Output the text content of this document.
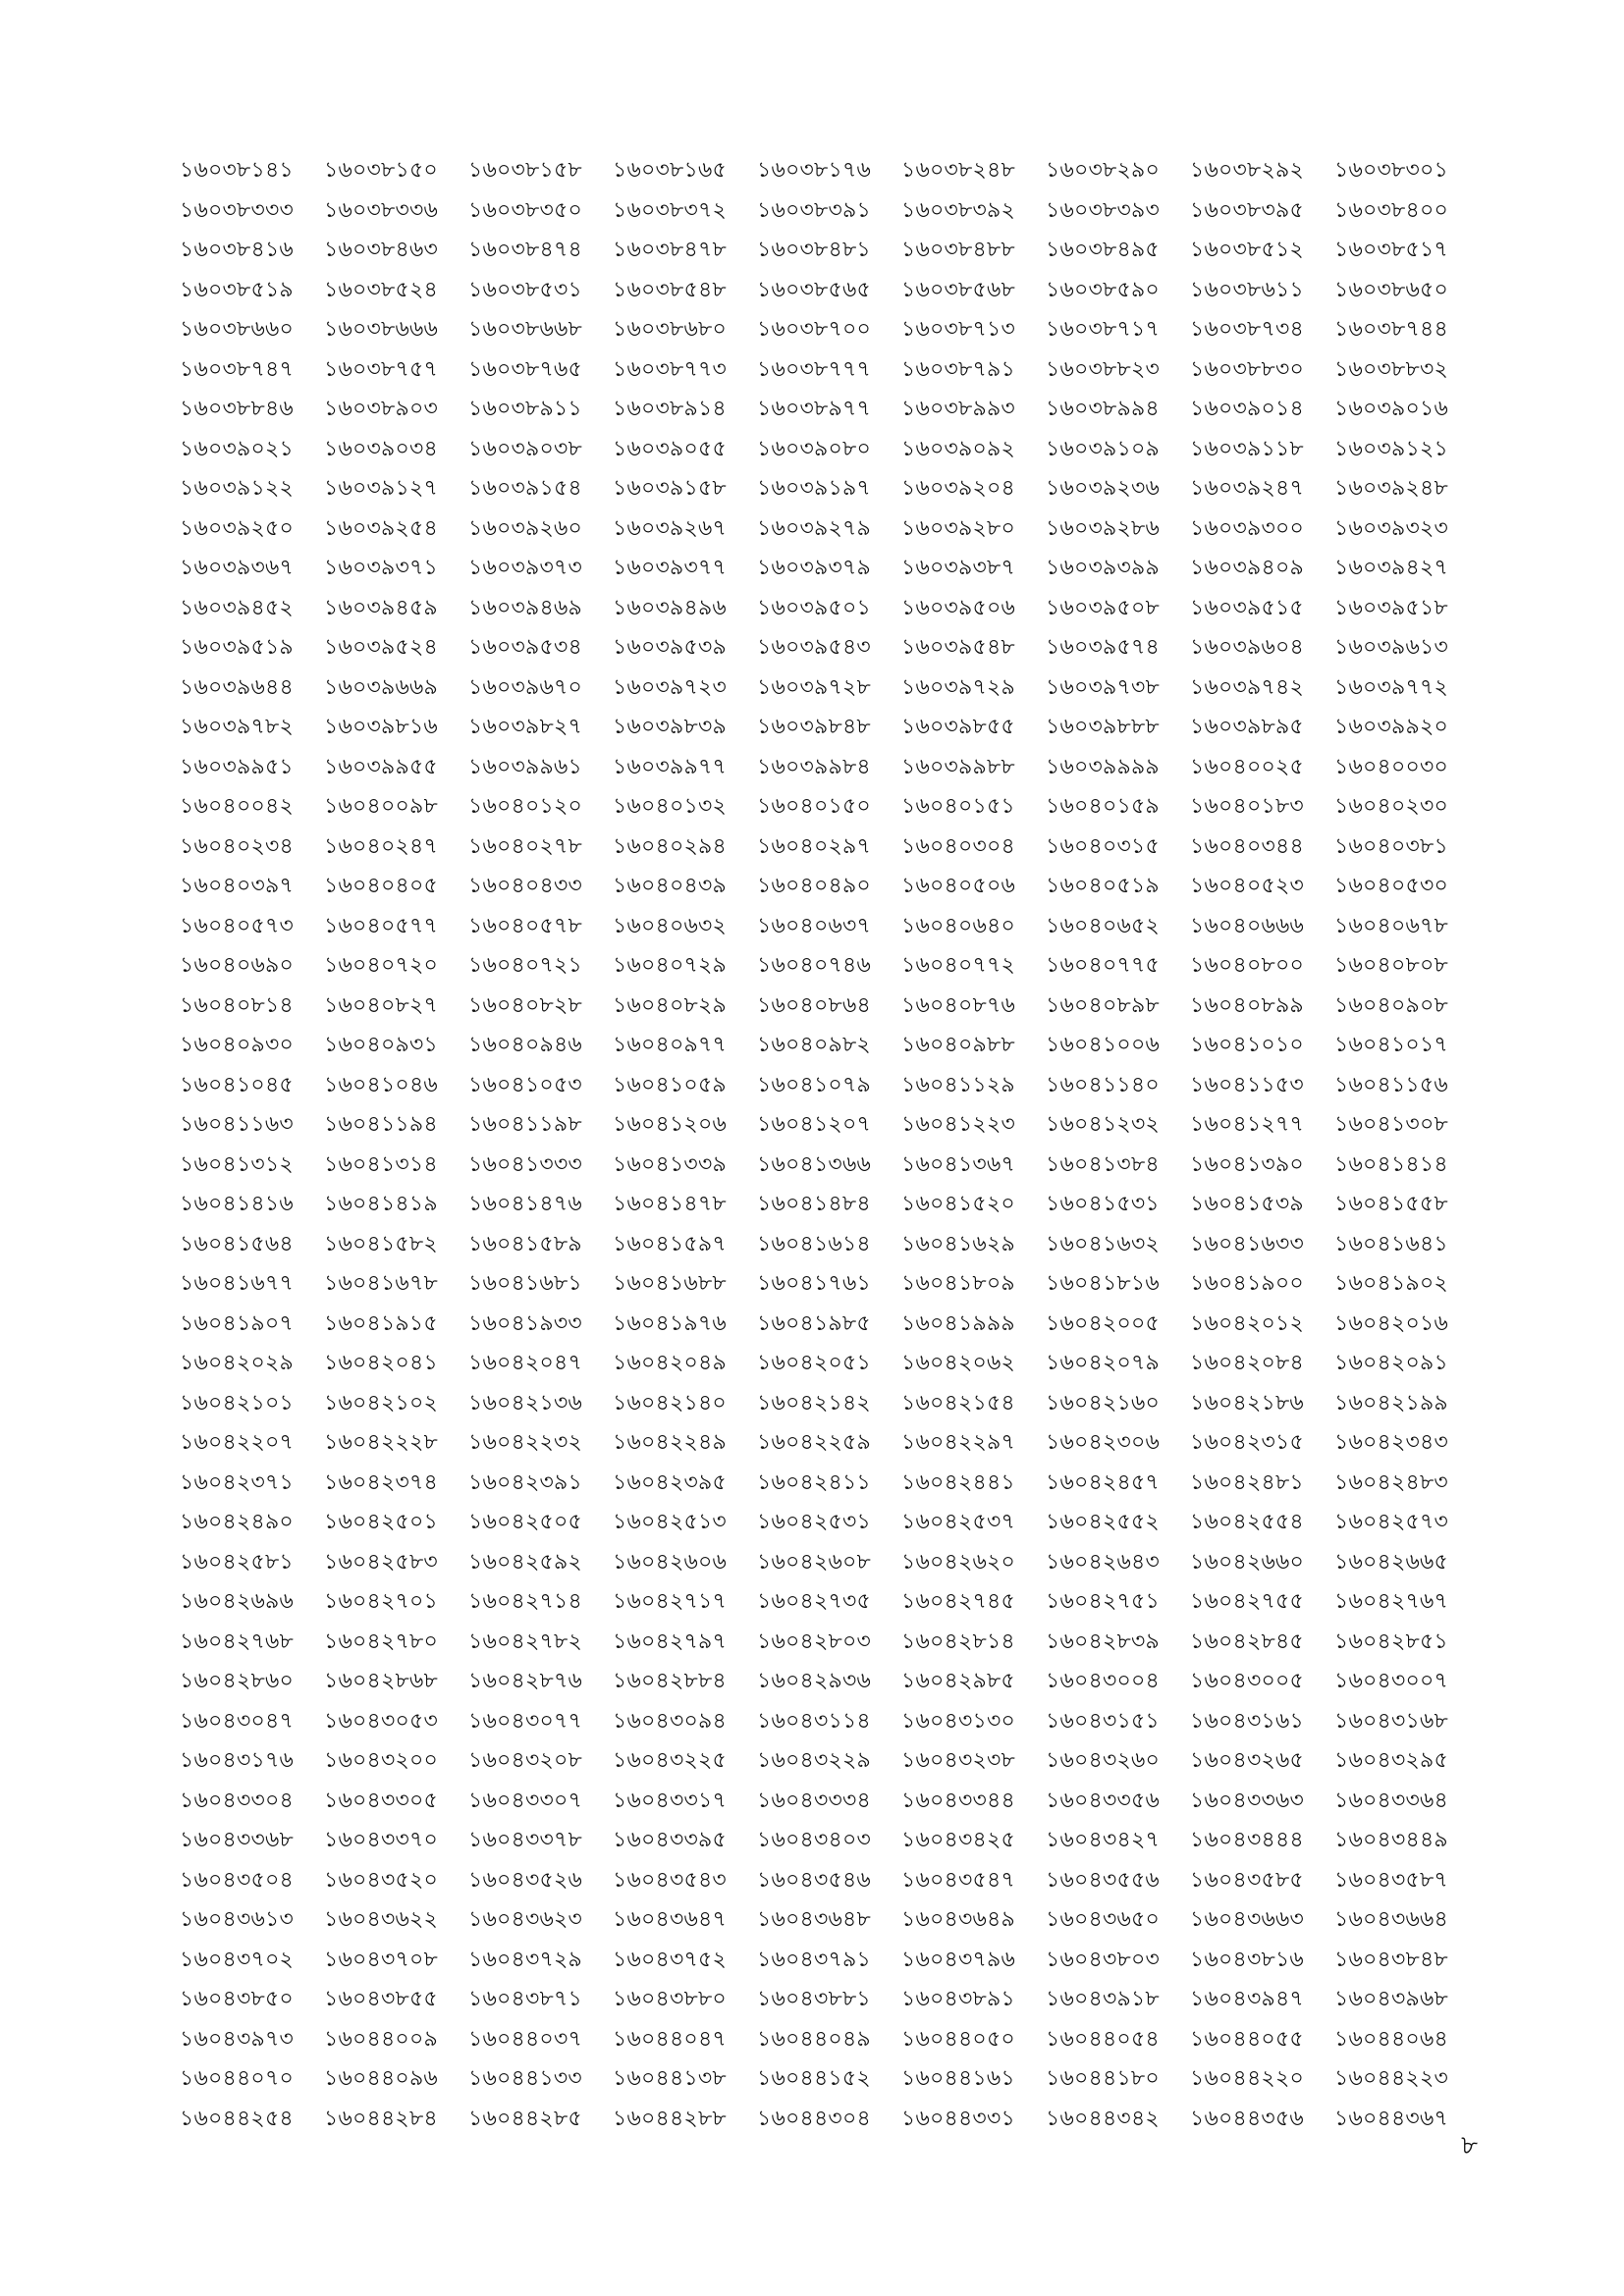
১৬০৩৮১৪১	১৬০৩৮১৫০	১৬০৩৮১৫৮	১৬০৩৮১৬৫	১৬০৩৮১৭৬	১৬০৩৮২৪৮	১৬০৩৮২৯০	১৬০৩৮২৯২	১৬০৩৮৩০১
১৬০৩৮৩৩৩	১৬০৩৮৩৩৬	১৬০৩৮৩৫০	১৬০৩৮৩৭২	১৬০৩৮৩৯১	১৬০৩৮৩৯২	১৬০৩৮৩৯৩	১৬০৩৮৩৯৫	১৬০৩৮৪০০
১৬০৩৮৪১৬	১৬০৩৮৪৬৩	১৬০৩৮৪৭৪	১৬০৩৮৪৭৮	১৬০৩৮৪৮১	১৬০৩৮৪৮৮	১৬০৩৮৪৯৫	১৬০৩৮৫১২	১৬০৩৮৫১৭
১৬০৩৮৫১৯	১৬০৩৮৫২৪	১৬০৩৮৫৩১	১৬০৩৮৫৪৮	১৬০৩৮৫৬৫	১৬০৩৮৫৬৮	১৬০৩৮৫৯০	১৬০৩৮৬১১	১৬০৩৮৬৫০
১৬০৩৮৬৬০	১৬০৩৮৬৬৬	১৬০৩৮৬৬৮	১৬০৩৮৬৮০	১৬০৩৮৭০০	১৬০৩৮৭১৩	১৬০৩৮৭১৭	১৬০৩৮৭৩৪	১৬০৩৮৭৪৪
১৬০৩৮৭৪৭	১৬০৩৮৭৫৭	১৬০৩৮৭৬৫	১৬০৩৮৭৭৩	১৬০৩৮৭৭৭	১৬০৩৮৭৯১	১৬০৩৮৮২৩	১৬০৩৮৮৩০	১৬০৩৮৮৩২
১৬০৩৮৮৪৬	১৬০৩৮৯০৩	১৬০৩৮৯১১	১৬০৩৮৯১৪	১৬০৩৮৯৭৭	১৬০৩৮৯৯৩	১৬০৩৮৯৯৪	১৬০৩৯০১৪	১৬০৩৯০১৬
১৬০৩৯০২১	১৬০৩৯০৩৪	১৬০৩৯০৩৮	১৬০৩৯০৫৫	১৬০৩৯০৮০	১৬০৩৯০৯২	১৬০৩৯১০৯	১৬০৩৯১১৮	১৬০৩৯১২১
১৬০৩৯১২২	১৬০৩৯১২৭	১৬০৩৯১৫৪	১৬০৩৯১৫৮	১৬০৩৯১৯৭	১৬০৩৯২০৪	১৬০৩৯২৩৬	১৬০৩৯২৪৭	১৬০৩৯২৪৮
১৬০৩৯২৫০	১৬০৩৯২৫৪	১৬০৩৯২৬০	১৬০৩৯২৬৭	১৬০৩৯২৭৯	১৬০৩৯২৮০	১৬০৩৯২৮৬	১৬০৩৯৩০০	১৬০৩৯৩২৩
১৬০৩৯৩৬৭	১৬০৩৯৩৭১	১৬০৩৯৩৭৩	১৬০৩৯৩৭৭	১৬০৩৯৩৭৯	১৬০৩৯৩৮৭	১৬০৩৯৩৯৯	১৬০৩৯৪০৯	১৬০৩৯৪২৭
১৬০৩৯৪৫২	১৬০৩৯৪৫৯	১৬০৩৯৪৬৯	১৬০৩৯৪৯৬	১৬০৩৯৫০১	১৬০৩৯৫০৬	১৬০৩৯৫০৮	১৬০৩৯৫১৫	১৬০৩৯৫১৮
১৬০৩৯৫১৯	১৬০৩৯৫২৪	১৬০৩৯৫৩৪	১৬০৩৯৫৩৯	১৬০৩৯৫৪৩	১৬০৩৯৫৪৮	১৬০৩৯৫৭৪	১৬০৩৯৬০৪	১৬০৩৯৬১৩
১৬০৩৯৬৪৪	১৬০৩৯৬৬৯	১৬০৩৯৬৭০	১৬০৩৯৭২৩	১৬০৩৯৭২৮	১৬০৩৯৭২৯	১৬০৩৯৭৩৮	১৬০৩৯৭৪২	১৬০৩৯৭৭২
১৬০৩৯৭৮২	১৬০৩৯৮১৬	১৬০৩৯৮২৭	১৬০৩৯৮৩৯	১৬০৩৯৮৪৮	১৬০৩৯৮৫৫	১৬০৩৯৮৮৮	১৬০৩৯৮৯৫	১৬০৩৯৯২০
১৬০৩৯৯৫১	১৬০৩৯৯৫৫	১৬০৩৯৯৬১	১৬০৩৯৯৭৭	১৬০৩৯৯৮৪	১৬০৩৯৯৮৮	১৬০৩৯৯৯৯	১৬০৪০০২৫	১৬০৪০০৩০
১৬০৪০০৪২	১৬০৪০০৯৮	১৬০৪০১২০	১৬০৪০১৩২	১৬০৪০১৫০	১৬০৪০১৫১	১৬০৪০১৫৯	১৬০৪০১৮৩	১৬০৪০২৩০
১৬০৪০২৩৪	১৬০৪০২৪৭	১৬০৪০২৭৮	১৬০৪০২৯৪	১৬০৪০২৯৭	১৬০৪০৩০৪	১৬০৪০৩১৫	১৬০৪০৩৪৪	১৬০৪০৩৮১
১৬০৪০৩৯৭	১৬০৪০৪০৫	১৬০৪০৪৩৩	১৬০৪০৪৩৯	১৬০৪০৪৯০	১৬০৪০৫০৬	১৬০৪০৫১৯	১৬০৪০৫২৩	১৬০৪০৫৩০
১৬০৪০৫৭৩	১৬০৪০৫৭৭	১৬০৪০৫৭৮	১৬০৪০৬৩২	১৬০৪০৬৩৭	১৬০৪০৬৪০	১৬০৪০৬৫২	১৬০৪০৬৬৬	১৬০৪০৬৭৮
১৬০৪০৬৯০	১৬০৪০৭২০	১৬০৪০৭২১	১৬০৪০৭২৯	১৬০৪০৭৪৬	১৬০৪০৭৭২	১৬০৪০৭৭৫	১৬০৪০৮০০	১৬০৪০৮০৮
১৬০৪০৮১৪	১৬০৪০৮২৭	১৬০৪০৮২৮	১৬০৪০৮২৯	১৬০৪০৮৬৪	১৬০৪০৮৭৬	১৬০৪০৮৯৮	১৬০৪০৮৯৯	১৬০৪০৯০৮
১৬০৪০৯৩০	১৬০৪০৯৩১	১৬০৪০৯৪৬	১৬০৪০৯৭৭	১৬০৪০৯৮২	১৬০৪০৯৮৮	১৬০৪১০০৬	১৬০৪১০১০	১৬০৪১০১৭
১৬০৪১০৪৫	১৬০৪১০৪৬	১৬০৪১০৫৩	১৬০৪১০৫৯	১৬০৪১০৭৯	১৬০৪১১২৯	১৬০৪১১৪০	১৬০৪১১৫৩	১৬০৪১১৫৬
১৬০৪১১৬৩	১৬০৪১১৯৪	১৬০৪১১৯৮	১৬০৪১২০৬	১৬০৪১২০৭	১৬০৪১২২৩	১৬০৪১২৩২	১৬০৪১২৭৭	১৬০৪১৩০৮
১৬০৪১৩১২	১৬০৪১৩১৪	১৬০৪১৩৩৩	১৬০৪১৩৩৯	১৬০৪১৩৬৬	১৬০৪১৩৬৭	১৬০৪১৩৮৪	১৬০৪১৩৯০	১৬০৪১৪১৪
১৬০৪১৪১৬	১৬০৪১৪১৯	১৬০৪১৪৭৬	১৬০৪১৪৭৮	১৬০৪১৪৮৪	১৬০৪১৫২০	১৬০৪১৫৩১	১৬০৪১৫৩৯	১৬০৪১৫৫৮
১৬০৪১৫৬৪	১৬০৪১৫৮২	১৬০৪১৫৮৯	১৬০৪১৫৯৭	১৬০৪১৬১৪	১৬০৪১৬২৯	১৬০৪১৬৩২	১৬০৪১৬৩৩	১৬০৪১৬৪১
১৬০৪১৬৭৭	১৬০৪১৬৭৮	১৬০৪১৬৮১	১৬০৪১৬৮৮	১৬০৪১৭৬১	১৬০৪১৮০৯	১৬০৪১৮১৬	১৬০৪১৯০০	১৬০৪১৯০২
১৬০৪১৯০৭	১৬০৪১৯১৫	১৬০৪১৯৩৩	১৬০৪১৯৭৬	১৬০৪১৯৮৫	১৬০৪১৯৯৯	১৬০৪২০০৫	১৬০৪২০১২	১৬০৪২০১৬
১৬০৪২০২৯	১৬০৪২০৪১	১৬০৪২০৪৭	১৬০৪২০৪৯	১৬০৪২০৫১	১৬০৪২০৬২	১৬০৪২০৭৯	১৬০৪২০৮৪	১৬০৪২০৯১
১৬০৪২১০১	১৬০৪২১০২	১৬০৪২১৩৬	১৬০৪২১৪০	১৬০৪২১৪২	১৬০৪২১৫৪	১৬০৪২১৬০	১৬০৪২১৮৬	১৬০৪২১৯৯
১৬০৪২২০৭	১৬০৪২২২৮	১৬০৪২২৩২	১৬০৪২২৪৯	১৬০৪২২৫৯	১৬০৪২২৯৭	১৬০৪২৩০৬	১৬০৪২৩১৫	১৬০৪২৩৪৩
১৬০৪২৩৭১	১৬০৪২৩৭৪	১৬০৪২৩৯১	১৬০৪২৩৯৫	১৬০৪২৪১১	১৬০৪২৪৪১	১৬০৪২৪৫৭	১৬০৪২৪৮১	১৬০৪২৪৮৩
১৬০৪২৪৯০	১৬০৪২৫০১	১৬০৪২৫০৫	১৬০৪২৫১৩	১৬০৪২৫৩১	১৬০৪২৫৩৭	১৬০৪২৫৫২	১৬০৪২৫৫৪	১৬০৪২৫৭৩
১৬০৪২৫৮১	১৬০৪২৫৮৩	১৬০৪২৫৯২	১৬০৪২৬০৬	১৬০৪২৬০৮	১৬০৪২৬২০	১৬০৪২৬৪৩	১৬০৪২৬৬০	১৬০৪২৬৬৫
১৬০৪২৬৯৬	১৬০৪২৭০১	১৬০৪২৭১৪	১৬০৪২৭১৭	১৬০৪২৭৩৫	১৬০৪২৭৪৫	১৬০৪২৭৫১	১৬০৪২৭৫৫	১৬০৪২৭৬৭
১৬০৪২৭৬৮	১৬০৪২৭৮০	১৬০৪২৭৮২	১৬০৪২৭৯৭	১৬০৪২৮০৩	১৬০৪২৮১৪	১৬০৪২৮৩৯	১৬০৪২৮৪৫	১৬০৪২৮৫১
১৬০৪২৮৬০	১৬০৪২৮৬৮	১৬০৪২৮৭৬	১৬০৪২৮৮৪	১৬০৪২৯৩৬	১৬০৪২৯৮৫	১৬০৪৩০০৪	১৬০৪৩০০৫	১৬০৪৩০০৭
১৬০৪৩০৪৭	১৬০৪৩০৫৩	১৬০৪৩০৭৭	১৬০৪৩০৯৪	১৬০৪৩১১৪	১৬০৪৩১৩০	১৬০৪৩১৫১	১৬০৪৩১৬১	১৬০৪৩১৬৮
১৬০৪৩১৭৬	১৬০৪৩২০০	১৬০৪৩২০৮	১৬০৪৩২২৫	১৬০৪৩২২৯	১৬০৪৩২৩৮	১৬০৪৩২৬০	১৬০৪৩২৬৫	১৬০৪৩২৯৫
১৬০৪৩৩০৪	১৬০৪৩৩০৫	১৬০৪৩৩০৭	১৬০৪৩৩১৭	১৬০৪৩৩৩৪	১৬০৪৩৩৪৪	১৬০৪৩৩৫৬	১৬০৪৩৩৬৩	১৬০৪৩৩৬৪
১৬০৪৩৩৬৮	১৬০৪৩৩৭০	১৬০৪৩৩৭৮	১৬০৪৩৩৯৫	১৬০৪৩৪০৩	১৬০৪৩৪২৫	১৬০৪৩৪২৭	১৬০৪৩৪৪৪	১৬০৪৩৪৪৯
১৬০৪৩৫০৪	১৬০৪৩৫২০	১৬০৪৩৫২৬	১৬০৪৩৫৪৩	১৬০৪৩৫৪৬	১৬০৪৩৫৪৭	১৬০৪৩৫৫৬	১৬০৪৩৫৮৫	১৬০৪৩৫৮৭
১৬০৪৩৬১৩	১৬০৪৩৬২২	১৬০৪৩৬২৩	১৬০৪৩৬৪৭	১৬০৪৩৬৪৮	১৬০৪৩৬৪৯	১৬০৪৩৬৫০	১৬০৪৩৬৬৩	১৬০৪৩৬৬৪
১৬০৪৩৭০২	১৬০৪৩৭০৮	১৬০৪৩৭২৯	১৬০৪৩৭৫২	১৬০৪৩৭৯১	১৬০৪৩৭৯৬	১৬০৪৩৮০৩	১৬০৪৩৮১৬	১৬০৪৩৮৪৮
১৬০৪৩৮৫০	১৬০৪৩৮৫৫	১৬০৪৩৮৭১	১৬০৪৩৮৮০	১৬০৪৩৮৮১	১৬০৪৩৮৯১	১৬০৪৩৯১৮	১৬০৪৩৯৪৭	১৬০৪৩৯৬৮
১৬০৪৩৯৭৩	১৬০৪৪০০৯	১৬০৪৪০৩৭	১৬০৪৪০৪৭	১৬০৪৪০৪৯	১৬০৪৪০৫০	১৬০৪৪০৫৪	১৬০৪৪০৫৫	১৬০৪৪০৬৪
১৬০৪৪০৭০	১৬০৪৪০৯৬	১৬০৪৪১৩৩	১৬০৪৪১৩৮	১৬০৪৪১৫২	১৬০৪৪১৬১	১৬০৪৪১৮০	১৬০৪৪২২০	১৬০৪৪২২৩
১৬০৪৪২৫৪	১৬০৪৪২৮৪	১৬০৪৪২৮৫	১৬০৪৪২৮৮	১৬০৪৪৩০৪	১৬০৪৪৩৩১	১৬০৪৪৩৪২	১৬০৪৪৩৫৬	১৬০৪৪৩৬৭
৮
